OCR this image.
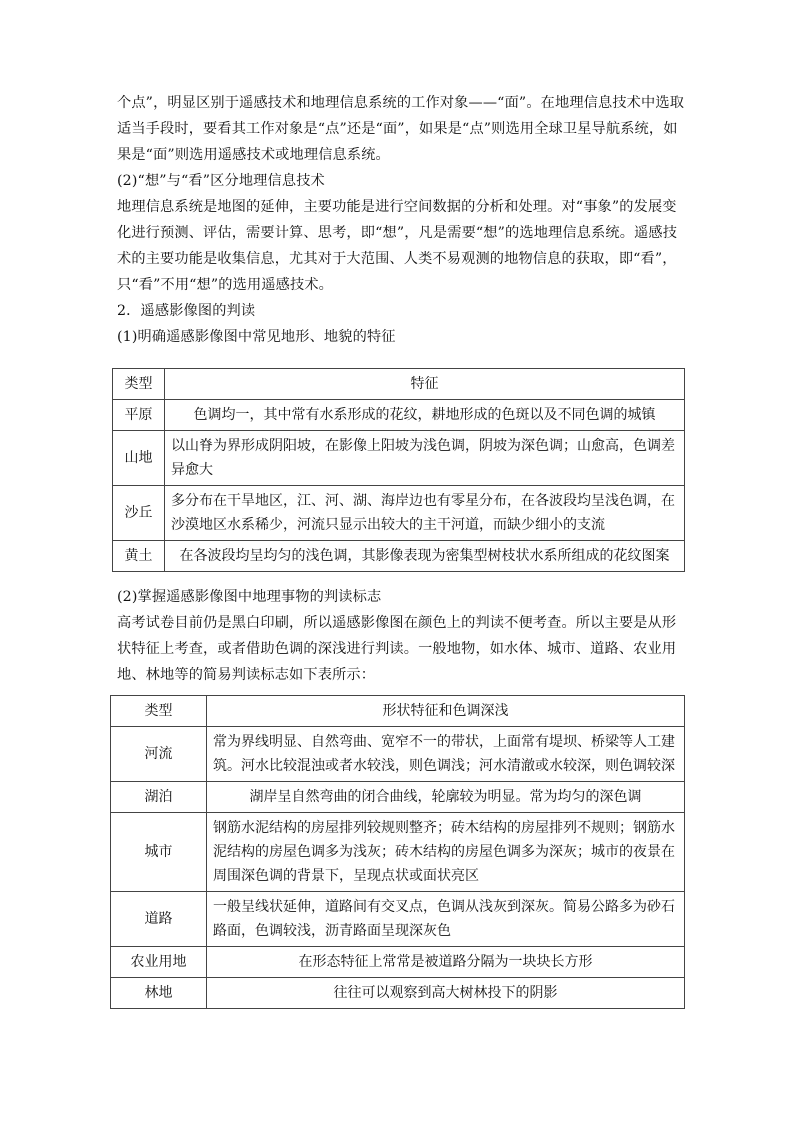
个点”，明显区别于遥感技术和地理信息系统的工作对象——“面”。在地理信息技术中选取适当手段时，要看其工作对象是“点”还是“面”，如果是“点”则选用全球卫星导航系统，如果是“面”则选用遥感技术或地理信息系统。

(2)“想”与“看”区分地理信息技术

地理信息系统是地图的延伸，主要功能是进行空间数据的分析和处理。对“事象”的发展变化进行预测、评估，需要计算、思考，即“想”，凡是需要“想”的选地理信息系统。遥感技术的主要功能是收集信息，尤其对于大范围、人类不易观测的地物信息的获取，即“看”，只“看”不用“想”的选用遥感技术。

2．遥感影像图的判读

(1)明确遥感影像图中常见地形、地貌的特征

类型	特征
平原	色调均一，其中常有水系形成的花纹，耕地形成的色斑以及不同色调的城镇
山地	以山脊为界形成阴阳坡，在影像上阳坡为浅色调，阴坡为深色调；山愈高，色调差异愈大
沙丘	多分布在干旱地区，江、河、湖、海岸边也有零星分布，在各波段均呈浅色调，在沙漠地区水系稀少，河流只显示出较大的主干河道，而缺少细小的支流
黄土	在各波段均呈均匀的浅色调，其影像表现为密集型树枝状水系所组成的花纹图案

(2)掌握遥感影像图中地理事物的判读标志

高考试卷目前仍是黑白印刷，所以遥感影像图在颜色上的判读不便考查。所以主要是从形状特征上考查，或者借助色调的深浅进行判读。一般地物，如水体、城市、道路、农业用地、林地等的简易判读标志如下表所示：

类型	形状特征和色调深浅
河流	常为界线明显、自然弯曲、宽窄不一的带状，上面常有堤坝、桥梁等人工建筑。河水比较混浊或者水较浅，则色调浅；河水清澈或水较深，则色调较深
湖泊	湖岸呈自然弯曲的闭合曲线，轮廓较为明显。常为均匀的深色调
城市	钢筋水泥结构的房屋排列较规则整齐；砖木结构的房屋排列不规则；钢筋水泥结构的房屋色调多为浅灰；砖木结构的房屋色调多为深灰；城市的夜景在周围深色调的背景下，呈现点状或面状亮区
道路	一般呈线状延伸，道路间有交叉点，色调从浅灰到深灰。简易公路多为砂石路面，色调较浅，沥青路面呈现深灰色
农业用地	在形态特征上常常是被道路分隔为一块块长方形
林地	往往可以观察到高大树林投下的阴影
